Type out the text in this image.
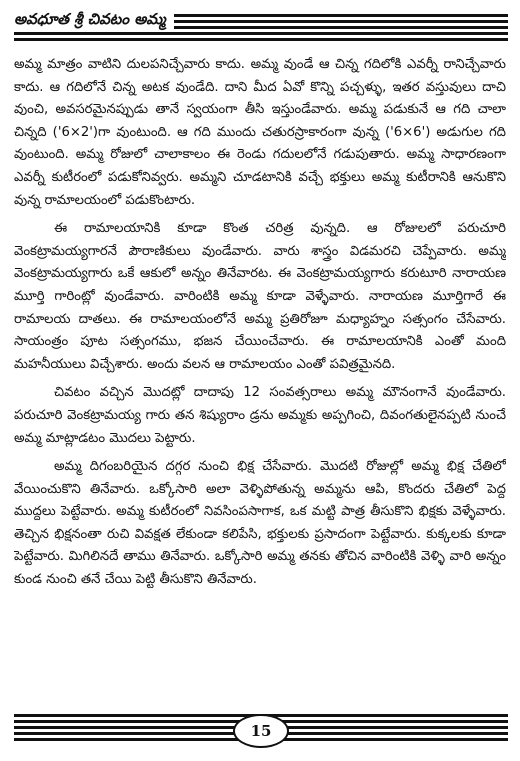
అవధూత శ్రీ చివటం అమ్మ

అమ్మ మాత్రం వాటిని దులపనిచ్చేవారు కాదు. అమ్మ వుండే ఆ చిన్న గదిలోకి ఎవర్నీ రానిచ్చేవారు కాదు. ఆ గదిలోనే చిన్న అటక వుండేది. దాని మీద ఏవో కొన్ని పచ్చళ్ళు, ఇతర వస్తువులు దాచి వుంచి, అవసరమైనప్పుడు తానే స్వయంగా తీసి ఇస్తుండేవారు. అమ్మ పడుకునే ఆ గది చాలా చిన్నది ('6×2')గా వుంటుంది. ఆ గది ముందు చతురస్రాకారంగా వున్న ('6×6') అడుగుల గది వుంటుంది. అమ్మ రోజులో చాలాకాలం ఈ రెండు గదులలోనే గడుపుతారు. అమ్మ సాధారణంగా ఎవర్నీ కుటీరంలో పడుకోనివ్వరు. అమ్మని చూడటానికి వచ్చే భక్తులు అమ్మ కుటీరానికి ఆనుకొని వున్న రామాలయంలో పడుకొంటారు.

ఈ రామాలయానికి కూడా కొంత చరిత్ర వున్నది. ఆ రోజులలో పరుచూరి వెంకట్రామయ్యగారనే పౌరాణికులు వుండేవారు. వారు శాస్త్రం విడమరచి చెప్పేవారు. అమ్మ వెంకట్రామయ్యగారు ఒకే ఆకులో అన్నం తినేవారట. ఈ వెంకట్రామయ్యగారు కరుటూరి నారాయణ మూర్తి గారింట్లో వుండేవారు. వారింటికి అమ్మ కూడా వెళ్ళేవారు. నారాయణ మూర్తిగారే ఈ రామాలయ దాతలు. ఈ రామాలయంలోనే అమ్మ ప్రతిరోజూ మధ్యాహ్నం సత్సంగం చేసేవారు. సాయంత్రం పూట సత్సంగము, భజన చేయించేవారు. ఈ రామాలయానికి ఎంతో మంది మహనీయులు విచ్చేశారు. అందు వలన ఆ రామాలయం ఎంతో పవిత్రమైనది.

చివటం వచ్చిన మొదట్లో దాదాపు 12 సంవత్సరాలు అమ్మ మౌనంగానే వుండేవారు. పరుచూరి వెంకట్రామయ్య గారు తన శిష్యురాం డ్రను అమ్మకు అప్పగించి, దివంగతులైనప్పటి నుంచే అమ్మ మాట్లాడటం మొదలు పెట్టారు.

అమ్మ దిగంబరియైన దగ్గర నుంచి భిక్ష చేసేవారు. మొదటి రోజుల్లో అమ్మ భిక్ష చేతిలో వేయించుకొని తినేవారు. ఒక్కోసారి అలా వెళ్ళిపోతున్న అమ్మను ఆపి, కొందరు చేతిలో పెద్ద ముద్దలు పెట్టేవారు. అమ్మ కుటీరంలో నివసింపసాగాక, ఒక మట్టి పాత్ర తీసుకొని భిక్షకు వెళ్ళేవారు. తెచ్చిన భిక్షనంతా రుచి వివక్షత లేకుండా కలిపేసి, భక్తులకు ప్రసాదంగా పెట్టేవారు. కుక్కలకు కూడా పెట్టేవారు. మిగిలినదే తాము తినేవారు. ఒక్కోసారి అమ్మ తనకు తోచిన వారింటికి వెళ్ళి వారి అన్నం కుండ నుంచి తనే చేయి పెట్టి తీసుకొని తినేవారు.

15
